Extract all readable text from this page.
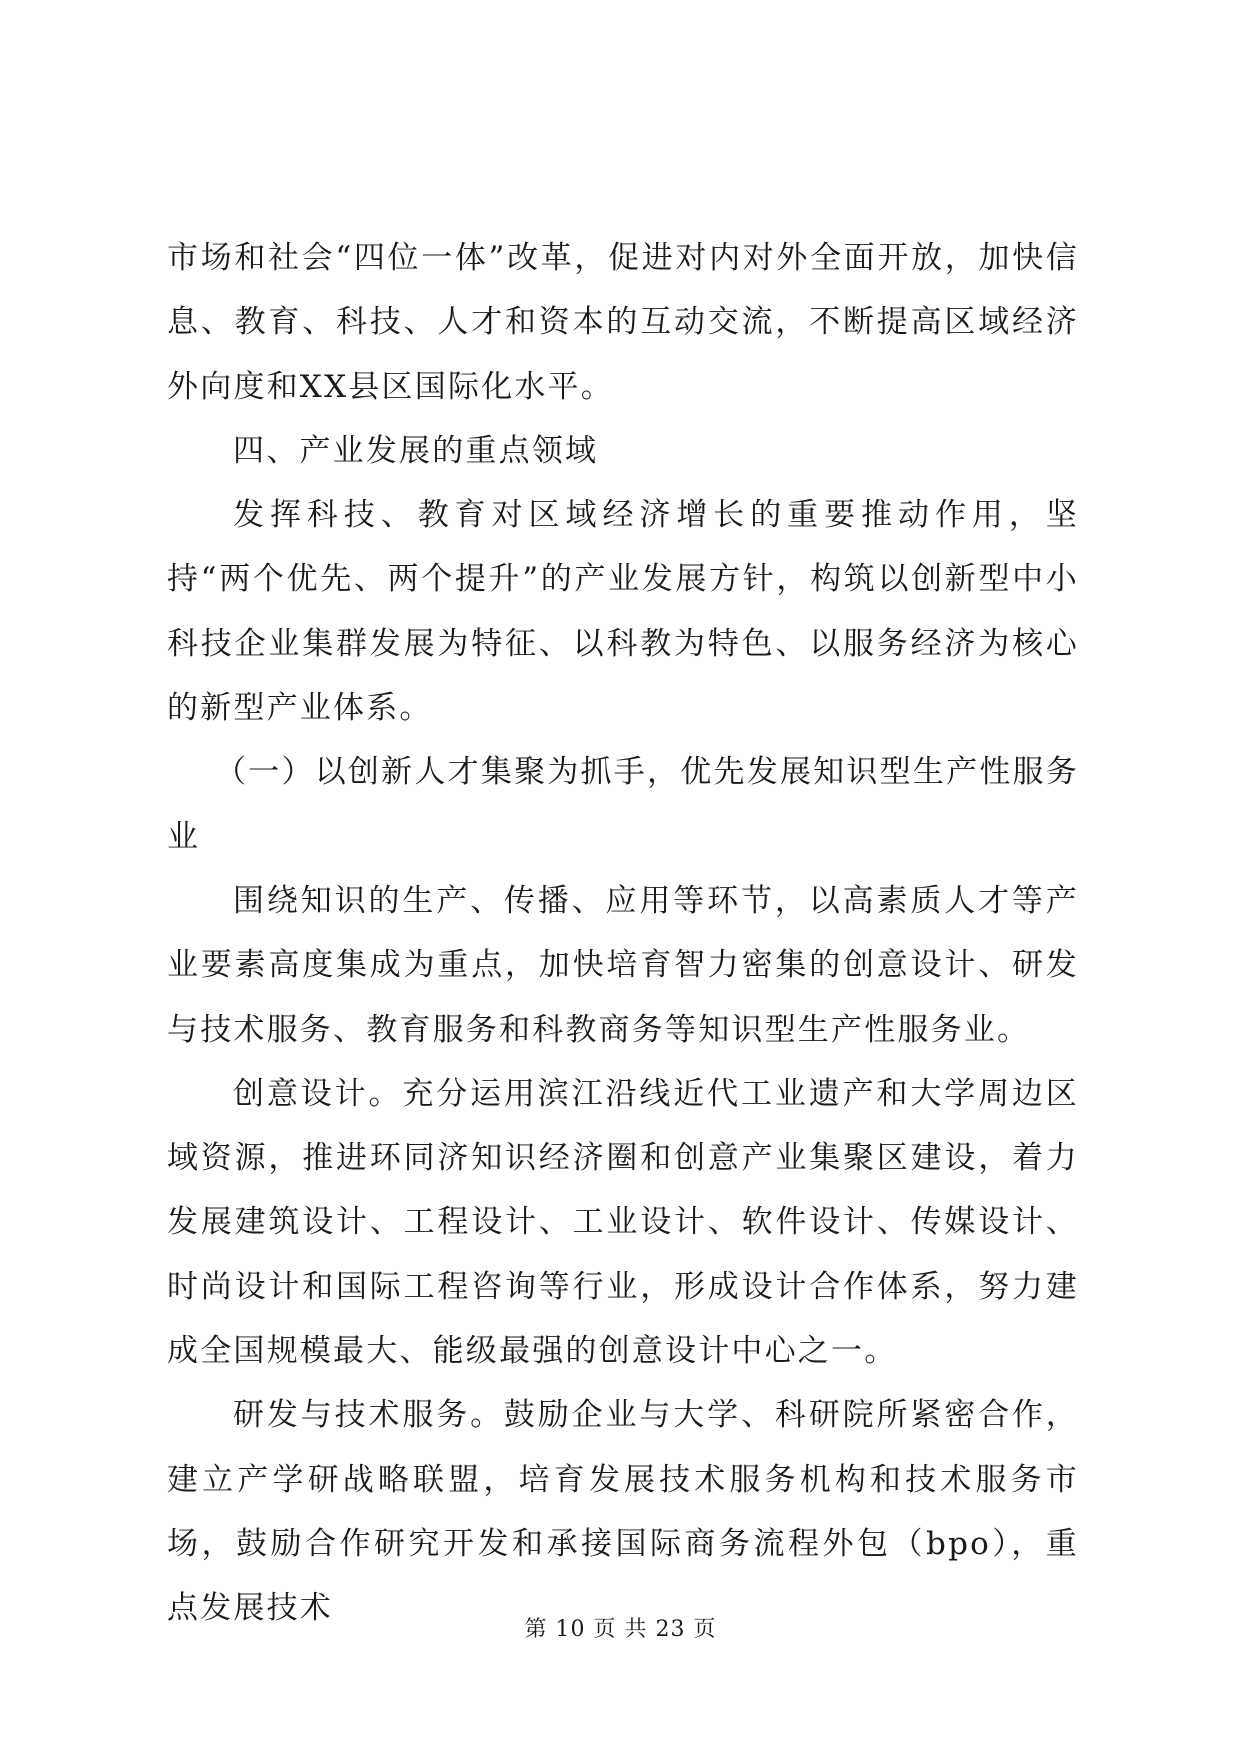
市场和社会“四位一体”改革，促进对内对外全面开放，加快信息、教育、科技、人才和资本的互动交流，不断提高区域经济外向度和XX县区国际化水平。

四、产业发展的重点领域

发挥科技、教育对区域经济增长的重要推动作用，坚持“两个优先、两个提升”的产业发展方针，构筑以创新型中小科技企业集群发展为特征、以科教为特色、以服务经济为核心的新型产业体系。

（一）以创新人才集聚为抓手，优先发展知识型生产性服务业

围绕知识的生产、传播、应用等环节，以高素质人才等产业要素高度集成为重点，加快培育智力密集的创意设计、研发与技术服务、教育服务和科教商务等知识型生产性服务业。

创意设计。充分运用滨江沿线近代工业遗产和大学周边区域资源，推进环同济知识经济圈和创意产业集聚区建设，着力发展建筑设计、工程设计、工业设计、软件设计、传媒设计、时尚设计和国际工程咨询等行业，形成设计合作体系，努力建成全国规模最大、能级最强的创意设计中心之一。

研发与技术服务。鼓励企业与大学、科研院所紧密合作，建立产学研战略联盟，培育发展技术服务机构和技术服务市场，鼓励合作研究开发和承接国际商务流程外包（bpo），重点发展技术

第 10 页 共 23 页
